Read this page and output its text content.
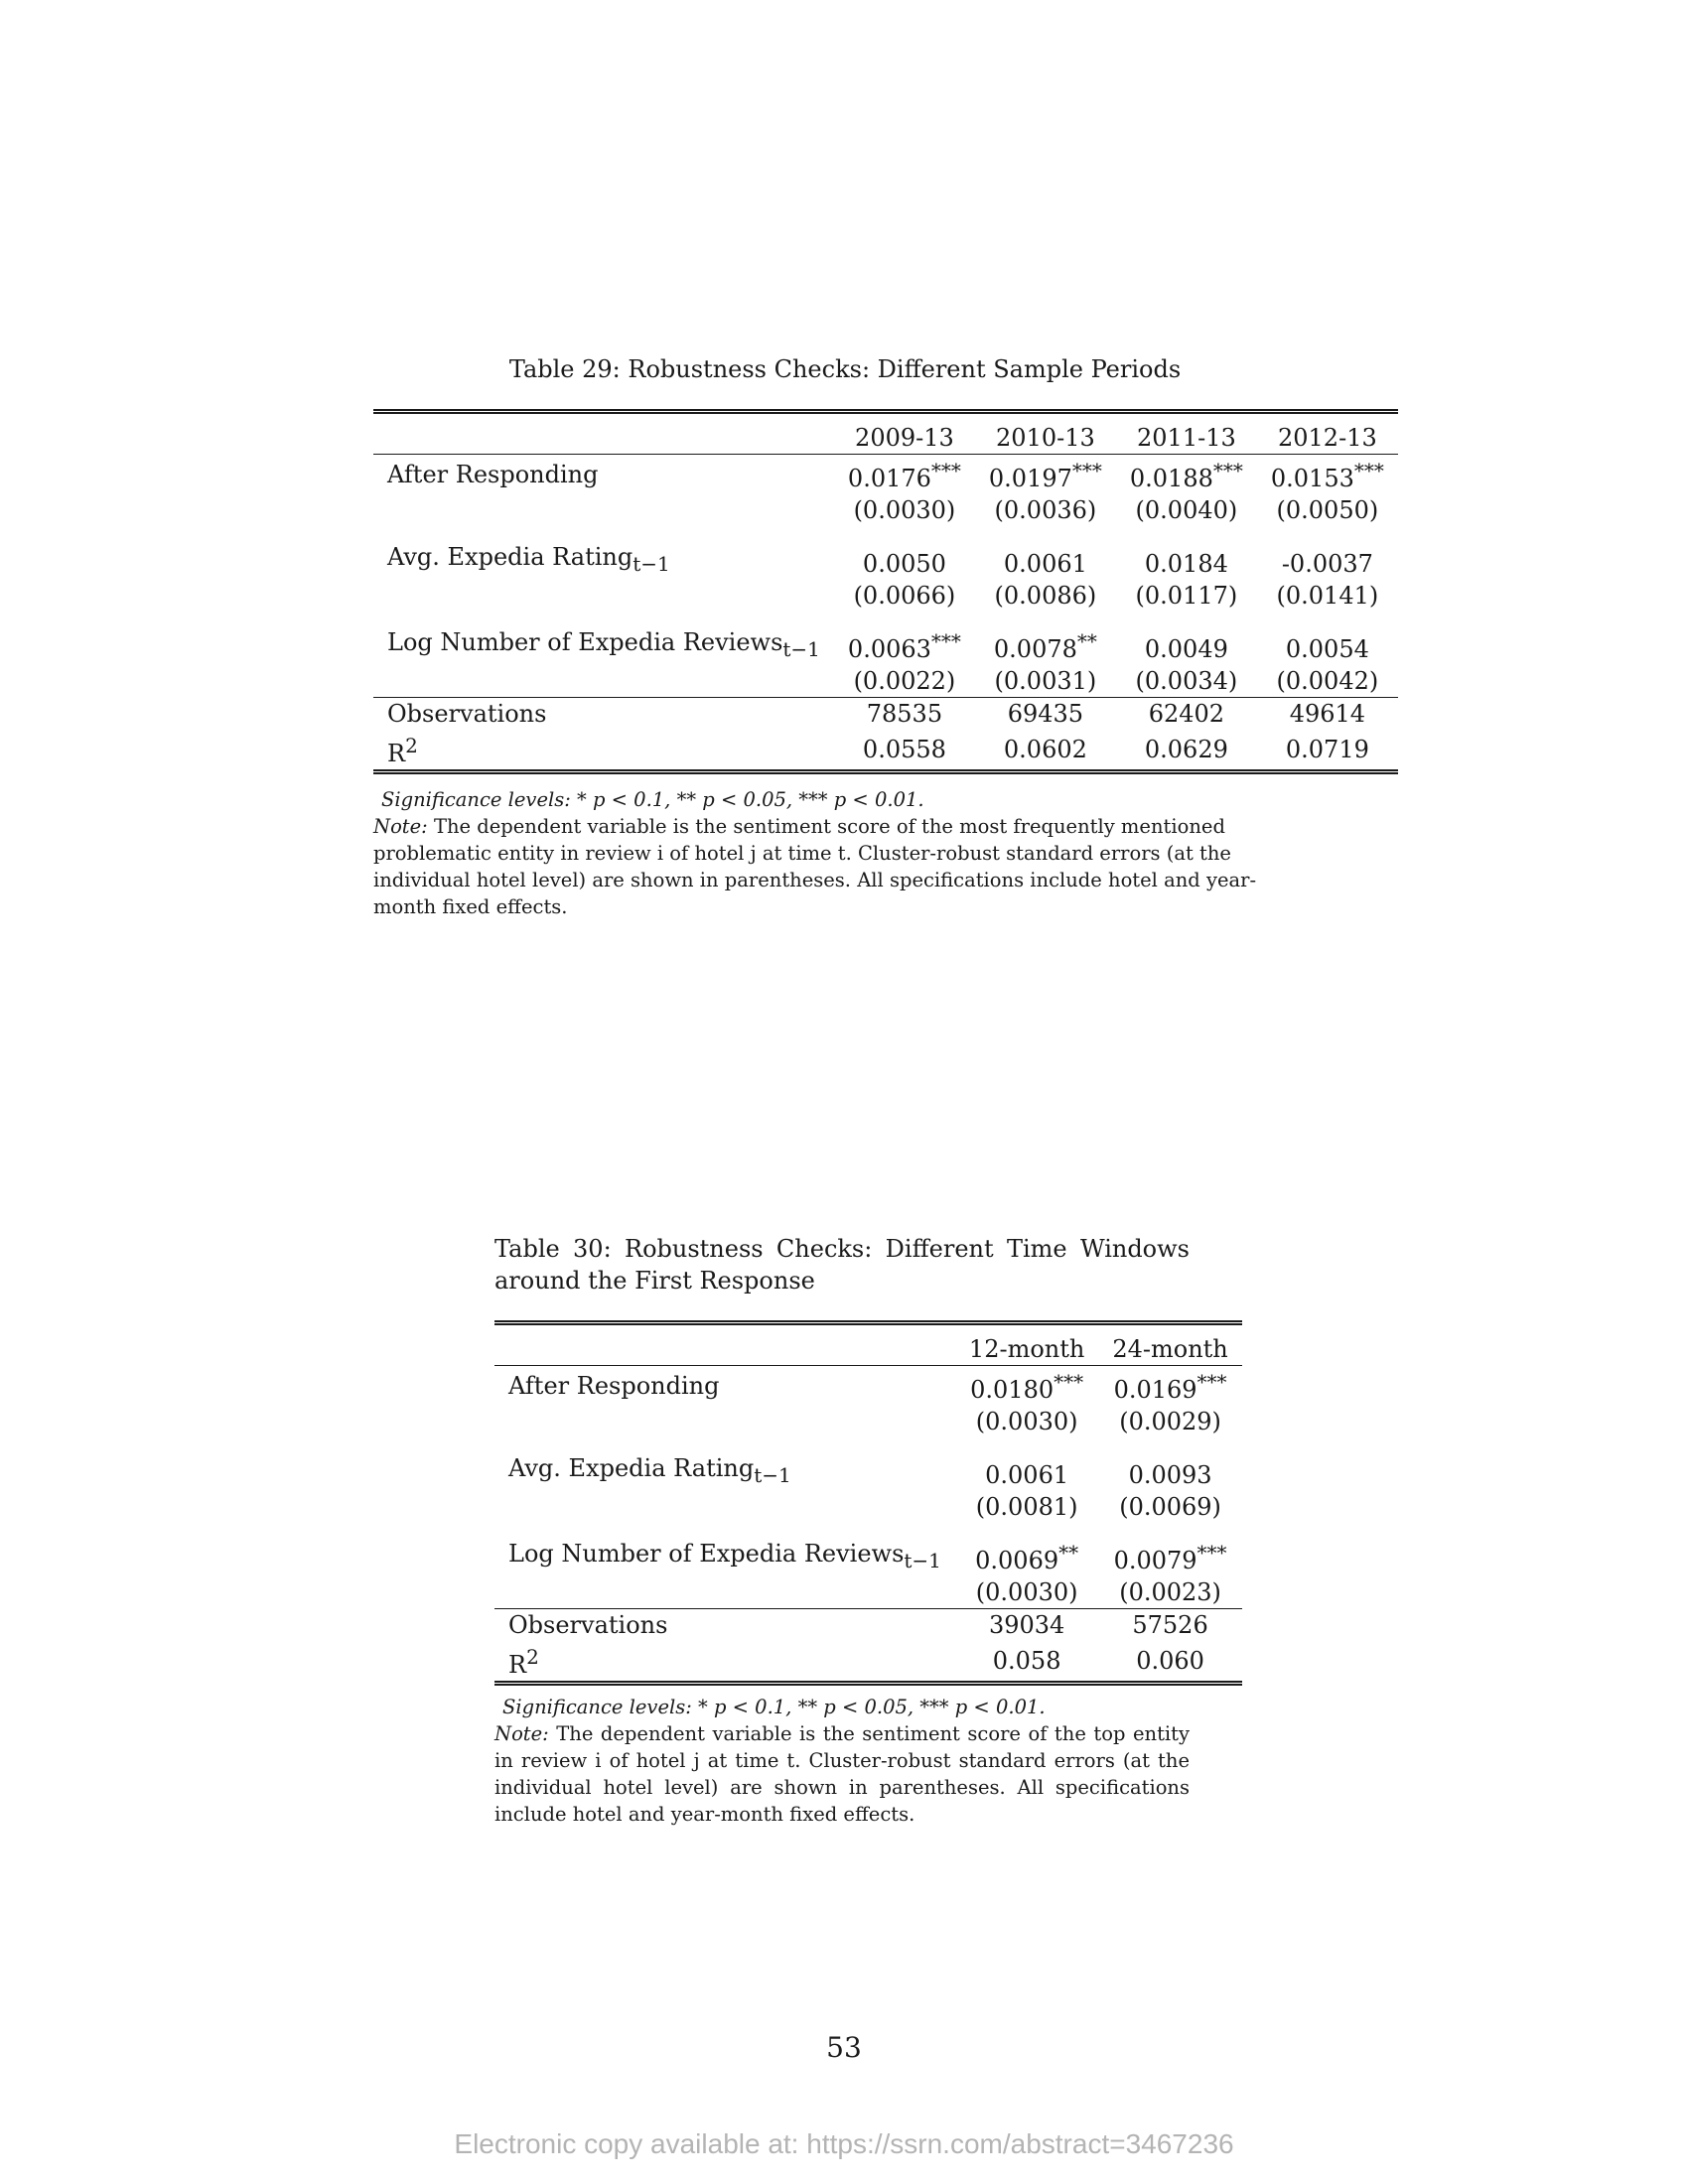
Table 29: Robustness Checks: Different Sample Periods
	2009-13	2010-13	2011-13	2012-13
After Responding	0.0176***	0.0197***	0.0188***	0.0153***
	(0.0030)	(0.0036)	(0.0040)	(0.0050)

Avg. Expedia Rating$_{t-1}$	0.0050	0.0061	0.0184	-0.0037
	(0.0066)	(0.0086)	(0.0117)	(0.0141)

Log Number of Expedia Reviews$_{t-1}$	0.0063***	0.0078**	0.0049	0.0054
	(0.0022)	(0.0031)	(0.0034)	(0.0042)
Observations	78535	69435	62402	49614
$R^2$	0.0558	0.0602	0.0629	0.0719
Significance levels: * p < 0.1, ** p < 0.05, *** p < 0.01.
Note: The dependent variable is the sentiment score of the most frequently mentioned problematic entity in review i of hotel j at time t. Cluster-robust standard errors (at the individual hotel level) are shown in parentheses. All specifications include hotel and year-month fixed effects.
Table 30: Robustness Checks: Different Time Windows around the First Response
	12-month	24-month
After Responding	0.0180***	0.0169***
	(0.0030)	(0.0029)

Avg. Expedia Rating$_{t-1}$	0.0061	0.0093
	(0.0081)	(0.0069)

Log Number of Expedia Reviews$_{t-1}$	0.0069**	0.0079***
	(0.0030)	(0.0023)
Observations	39034	57526
$R^2$	0.058	0.060
Significance levels: * p < 0.1, ** p < 0.05, *** p < 0.01.
Note: The dependent variable is the sentiment score of the top entity in review i of hotel j at time t. Cluster-robust standard errors (at the individual hotel level) are shown in parentheses. All specifications include hotel and year-month fixed effects.
53
Electronic copy available at: https://ssrn.com/abstract=3467236
